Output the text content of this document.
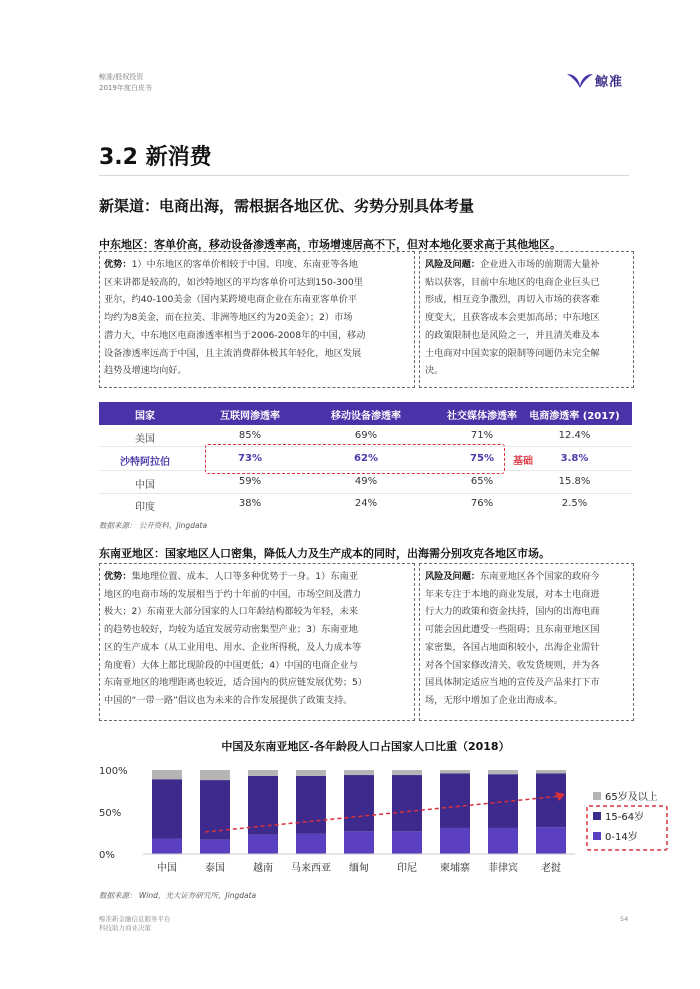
鲸准/股权投资
2019年度白皮书	鲸准
3.2 新消费
新渠道：电商出海，需根据各地区优、劣势分别具体考量
中东地区：客单价高，移动设备渗透率高，市场增速居高不下，但对本地化要求高于其他地区。
优势：1）中东地区的客单价相较于中国、印度、东南亚等各地
区来讲都是较高的，如沙特地区的平均客单价可达到150-300里
亚尔，约40-100美金（国内某跨境电商企业在东南亚客单价平
均约为8美金，而在拉美、非洲等地区约为20美金）；2）市场
潜力大，中东地区电商渗透率相当于2006-2008年的中国，移动
设备渗透率远高于中国，且主流消费群体极其年轻化，地区发展
趋势及增速均向好。
风险及问题：企业进入市场的前期需大量补
贴以获客，目前中东地区的电商企业巨头已
形成，相互竞争激烈，再切入市场的获客难
度变大，且获客成本会更加高昂；中东地区
的政策限制也是风险之一，并且清关难及本
土电商对中国卖家的限制等问题仍未完全解
决。
国家	互联网渗透率	移动设备渗透率	社交媒体渗透率	电商渗透率 (2017)
美国	85%	69%	71%	12.4%
沙特阿拉伯	73%	62%	75%	3.8%
中国	59%	49%	65%	15.8%
印度	38%	24%	76%	2.5%
基础
数据来源： 公开资料，Jingdata
东南亚地区：国家地区人口密集，降低人力及生产成本的同时，出海需分别攻克各地区市场。
优势：集地理位置、成本、人口等多种优势于一身。1）东南亚
地区的电商市场的发展相当于约十年前的中国，市场空间及潜力
极大；2）东南亚大部分国家的人口年龄结构都较为年轻，未来
的趋势也较好，均较为适宜发展劳动密集型产业；3）东南亚地
区的生产成本（从工业用电、用水、企业所得税，及人力成本等
角度看）大体上都比现阶段的中国更低；4）中国的电商企业与
东南亚地区的地理距离也较近，适合国内的供应链发展优势；5）
中国的“一带一路”倡议也为未来的合作发展提供了政策支持。
风险及问题：东南亚地区各个国家的政府今
年来专注于本地的商业发展，对本土电商进
行大力的政策和资金扶持，国内的出海电商
可能会因此遭受一些阻碍；且东南亚地区国
家密集，各国占地面积较小，出海企业需针
对各个国家修改清关、收发货规则，并为各
国具体制定适应当地的宣传及产品来打下市
场，无形中增加了企业出海成本。
中国及东南亚地区-各年龄段人口占国家人口比重（2018）
100%
50%
0%
中国	泰国	越南 马来西亚 缅甸	印尼 柬埔寨 菲律宾 老挝
65岁及以上
15-64岁
0-14岁
数据来源： Wind，光大证券研究所，Jingdata
鲸准新金融信息服务平台
科技助力商业决策
54
